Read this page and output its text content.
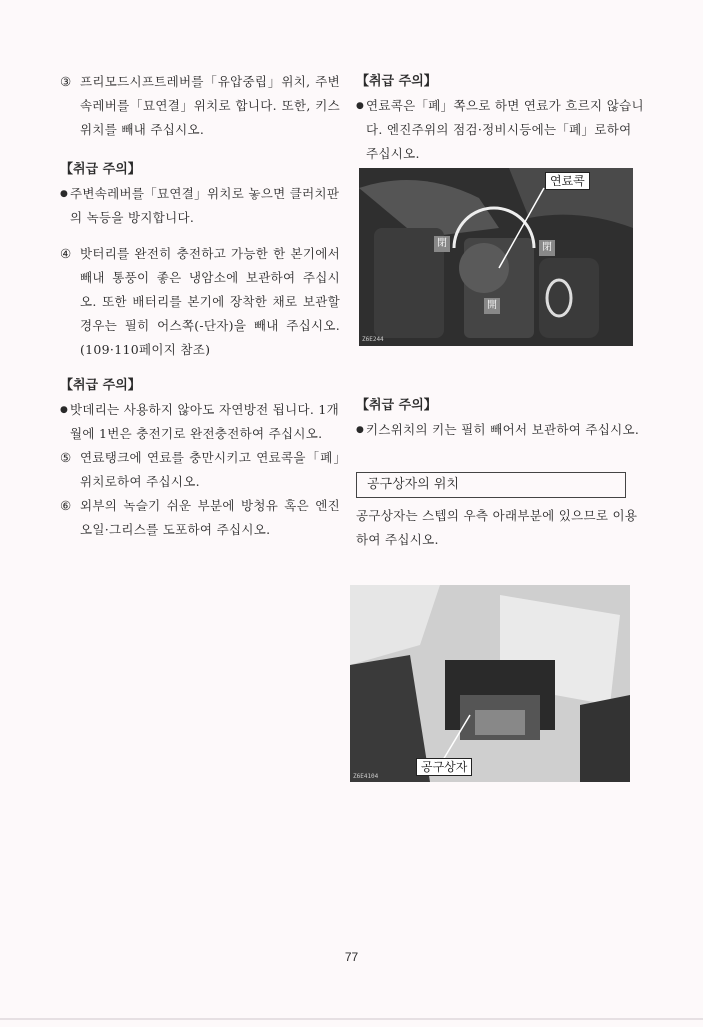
③ 프리모드시프트레버를「유압중립」위치, 주변속레버를「묘연결」위치로 합니다. 또한, 키스위치를 빼내 주십시오.

【취급 주의】

● 주변속레버를「묘연결」위치로 놓으면 클러치판의 녹등을 방지합니다.
④ 밧터리를 완전히 충전하고 가능한 한 본기에서 빼내 통풍이 좋은 냉암소에 보관하여 주십시오. 또한 배터리를 본기에 장착한 채로 보관할 경우는 필히 어스쪽(-단자)을 빼내 주십시오. (109·110페이지 참조)

【취급 주의】

● 밧데리는 사용하지 않아도 자연방전 됩니다. 1개월에 1번은 충전기로 완전충전하여 주십시오.
⑤ 연료탱크에 연료를 충만시키고 연료콕을「폐」위치로하여 주십시오.
⑥ 외부의 녹슬기 쉬운 부분에 방청유 혹은 엔진오일·그리스를 도포하여 주십시오.

【취급 주의】

● 연료콕은「폐」쪽으로 하면 연료가 흐르지 않습니다. 엔진주위의 점검·정비시등에는「폐」로하여 주십시오.
연료콕
閉	閉
開
Z6E244

【취급 주의】

● 키스위치의 키는 필히 빼어서 보관하여 주십시오.

공구상자의 위치

공구상자는 스텝의 우측 아래부분에 있으므로 이용하여 주십시오.

공구상자
Z6E4104
77
